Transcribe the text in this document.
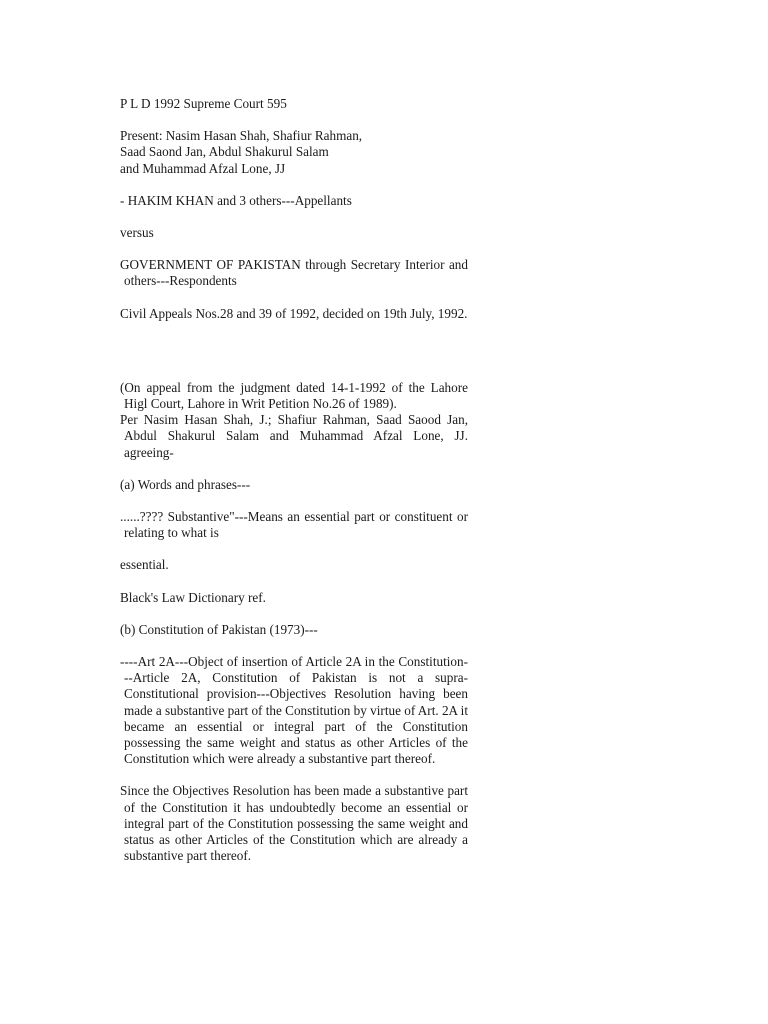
P L D 1992 Supreme Court 595

Present: Nasim Hasan Shah, Shafiur Rahman,

Saad Saond Jan, Abdul Shakurul Salam

and Muhammad Afzal Lone, JJ

- HAKIM KHAN and 3 others---Appellants

versus

GOVERNMENT OF PAKISTAN through Secretary Interior and others---Respondents

Civil Appeals Nos.28 and 39 of 1992, decided on 19th July, 1992.

(On appeal from the judgment dated 14-1-1992 of the Lahore Higl Court, Lahore in Writ Petition No.26 of 1989).

Per Nasim Hasan Shah, J.; Shafiur Rahman, Saad Saood Jan, Abdul Shakurul Salam and Muhammad Afzal Lone, JJ. agreeing-

(a) Words and phrases---

......???? Substantive"---Means an essential part or constituent or relating to what is

essential.

Black's Law Dictionary ref.

(b) Constitution of Pakistan (1973)---

----Art 2A---Object of insertion of Article 2A in the Constitution---Article 2A, Constitution of Pakistan is not a supra-Constitutional provision---Objectives Resolution having been made a substantive part of the Constitution by virtue of Art. 2A it became an essential or integral part of the Constitution possessing the same weight and status as other Articles of the Constitution which were already a substantive part thereof.

Since the Objectives Resolution has been made a substantive part of the Constitution it has undoubtedly become an essential or integral part of the Constitution possessing the same weight and status as other Articles of the Constitution which are already a substantive part thereof.
